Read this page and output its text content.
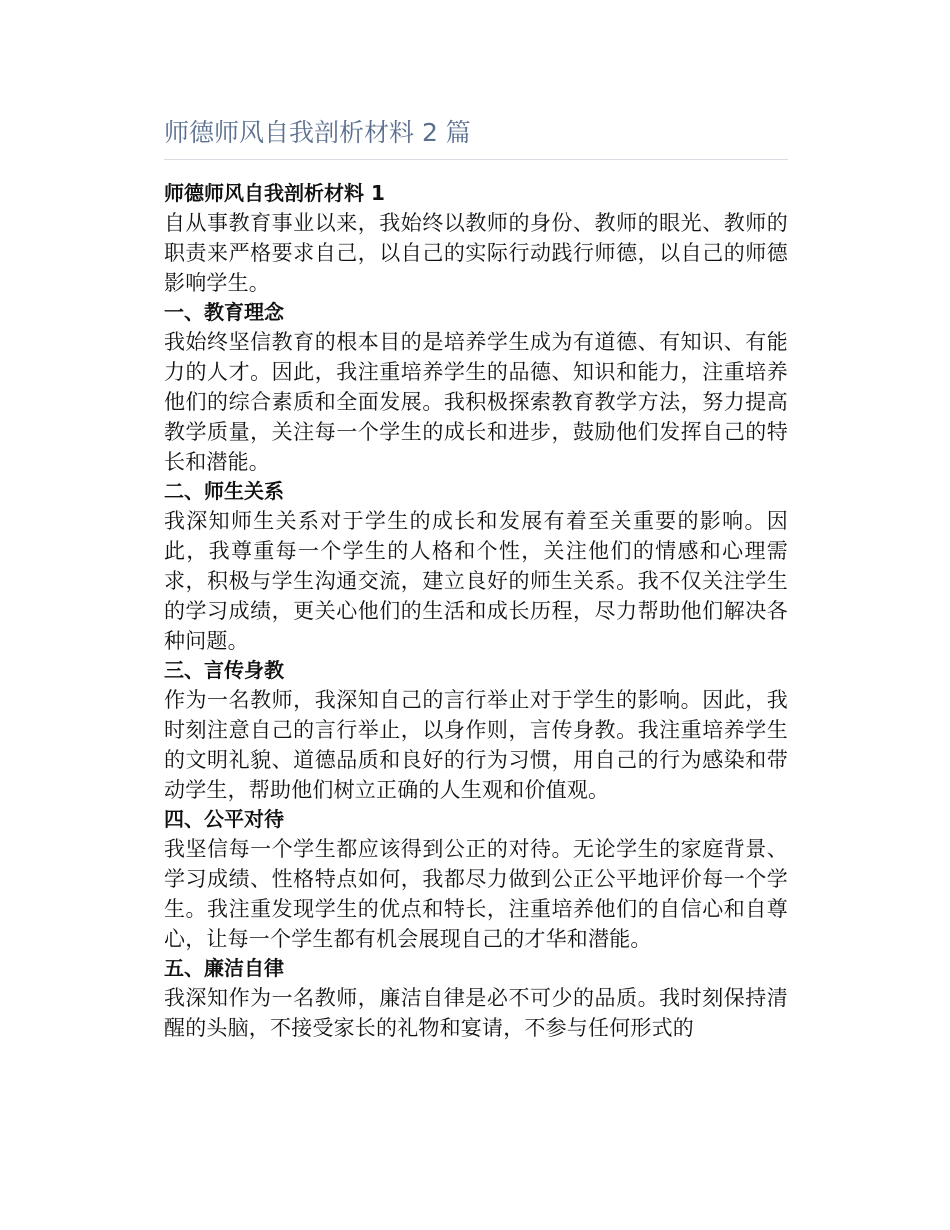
师德师风自我剖析材料 2 篇

师德师风自我剖析材料 1

自从事教育事业以来，我始终以教师的身份、教师的眼光、教师的职责来严格要求自己，以自己的实际行动践行师德，以自己的师德影响学生。

一、教育理念

我始终坚信教育的根本目的是培养学生成为有道德、有知识、有能力的人才。因此，我注重培养学生的品德、知识和能力，注重培养他们的综合素质和全面发展。我积极探索教育教学方法，努力提高教学质量，关注每一个学生的成长和进步，鼓励他们发挥自己的特长和潜能。

二、师生关系

我深知师生关系对于学生的成长和发展有着至关重要的影响。因此，我尊重每一个学生的人格和个性，关注他们的情感和心理需求，积极与学生沟通交流，建立良好的师生关系。我不仅关注学生的学习成绩，更关心他们的生活和成长历程，尽力帮助他们解决各种问题。

三、言传身教

作为一名教师，我深知自己的言行举止对于学生的影响。因此，我时刻注意自己的言行举止，以身作则，言传身教。我注重培养学生的文明礼貌、道德品质和良好的行为习惯，用自己的行为感染和带动学生，帮助他们树立正确的人生观和价值观。

四、公平对待

我坚信每一个学生都应该得到公正的对待。无论学生的家庭背景、学习成绩、性格特点如何，我都尽力做到公正公平地评价每一个学生。我注重发现学生的优点和特长，注重培养他们的自信心和自尊心，让每一个学生都有机会展现自己的才华和潜能。

五、廉洁自律

我深知作为一名教师，廉洁自律是必不可少的品质。我时刻保持清醒的头脑，不接受家长的礼物和宴请，不参与任何形式的
